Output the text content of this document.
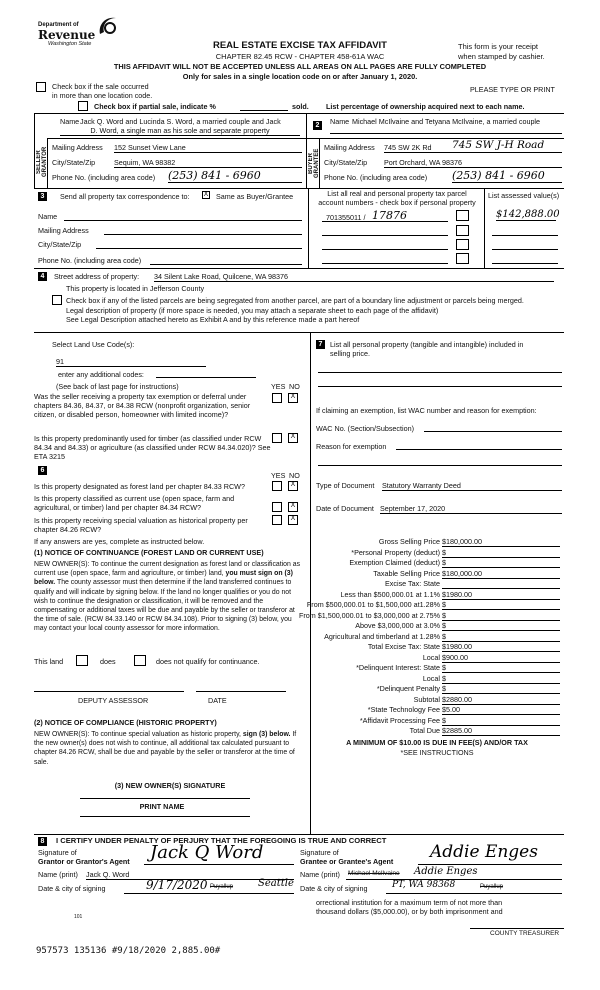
Department of
Revenue
Washington State	REAL ESTATE EXCISE TAX AFFIDAVIT
CHAPTER 82.45 RCW - CHAPTER 458-61A WAC
This form is your receipt
when stamped by cashier.
THIS AFFIDAVIT WILL NOT BE ACCEPTED UNLESS ALL AREAS ON ALL PAGES ARE FULLY COMPLETED
Only for sales in a single location code on or after January 1, 2020.
Check box if the sale occurred
in more than one location code.
PLEASE TYPE OR PRINT
Check box if partial sale, indicate %	sold. List percentage of ownership acquired next to each name.
SELLER GRANTOR
Name Jack Q. Word and Lucinda S. Word, a married couple and Jack
D. Word, a single man as his sole and separate property
Mailing Address 152 Sunset View Lane
City/State/Zip	Sequim, WA 98382
Phone No. (including area code) (253) 841 - 6960
2	Name Michael McIlvaine and Tetyana McIlvaine, a married couple
BUYER GRANTEE
Mailing Address 745 SW 2K Rd 745 SW J-H Road
City/State/Zip Port Orchard, WA 98376
Phone No. (including area code) (253) 841 - 6960
3	Send all property tax correspondence to: X Same as Buyer/Grantee	List all real and personal property tax parcel
account numbers - check box if personal property
List assessed value(s)
Name
Mailing Address
City/State/Zip
Phone No. (including area code)
701355011 / 17876	$142,888.00
4	Street address of property: 34 Silent Lake Road, Quilcene, WA 98376
This property is located in Jefferson County
Check box if any of the listed parcels are being segregated from another parcel, are part of a boundary line adjustment or parcels being merged.
Legal description of property (if more space is needed, you may attach a separate sheet to each page of the affidavit)
See Legal Description attached hereto as Exhibit A and by this reference made a part hereof
Select Land Use Code(s):
91
enter any additional codes:
(See back of last page for instructions)	YES NO
Was the seller receiving a property tax exemption or deferral under chapters 84.36, 84.37, or 84.38 RCW (nonprofit organization, senior citizen, or disabled person, homeowner with limited income)?
X
Is this property predominantly used for timber (as classified under RCW 84.34 and 84.33) or agriculture (as classified under RCW 84.34.020)? See ETA 3215
X
6
YES NO
Is this property designated as forest land per chapter 84.33 RCW?	X
Is this property classified as current use (open space, farm and agricultural, or timber) land per chapter 84.34 RCW?	X
Is this property receiving special valuation as historical property per chapter 84.26 RCW?
X
If any answers are yes, complete as instructed below.
(1) NOTICE OF CONTINUANCE (FOREST LAND OR CURRENT USE)
NEW OWNER(S): To continue the current designation as forest land or classification as current use (open space, farm and agriculture, or timber) land, you must sign on (3) below. The county assessor must then determine if the land transferred continues to qualify and will indicate by signing below. If the land no longer qualifies or you do not wish to continue the designation or classification, it will be removed and the compensating or additional taxes will be due and payable by the seller or transferor at the time of sale. (RCW 84.33.140 or RCW 84.34.108). Prior to signing (3) below, you may contact your local county assessor for more information.
This land	does	does not qualify for continuance.
DEPUTY ASSESSOR	DATE
(2) NOTICE OF COMPLIANCE (HISTORIC PROPERTY)
NEW OWNER(S): To continue special valuation as historic property, sign (3) below. If the new owner(s) does not wish to continue, all additional tax calculated pursuant to chapter 84.26 RCW, shall be due and payable by the seller or transferor at the time of sale.
(3) NEW OWNER(S) SIGNATURE
PRINT NAME
7	List all personal property (tangible and intangible) included in
selling price.
If claiming an exemption, list WAC number and reason for exemption:
WAC No. (Section/Subsection)
Reason for exemption
Type of Document Statutory Warranty Deed
Date of Document September 17, 2020
Gross Selling Price $180,000.00
*Personal Property (deduct) $
Exemption Claimed (deduct) $
Taxable Selling Price $180,000.00
Excise Tax: State
Less than $500,000.01 at 1.1% $1980.00
From $500,000.01 to $1,500,000 at1.28% $
From $1,500,000.01 to $3,000,000 at 2.75% $
Above $3,000,000 at 3.0% $
Agricultural and timberland at 1.28% $
Total Excise Tax: State $1980.00
Local $900.00
*Delinquent Interest: State $
Local $
*Delinquent Penalty $
Subtotal $2880.00
*State Technology Fee $5.00
*Affidavit Processing Fee $
Total Due $2885.00
A MINIMUM OF $10.00 IS DUE IN FEE(S) AND/OR TAX
*SEE INSTRUCTIONS
8	I CERTIFY UNDER PENALTY OF PERJURY THAT THE FOREGOING IS TRUE AND CORRECT
Signature of
Grantor or Grantor's Agent Jack Q Word
Name (print) Jack Q. Word
Date & city of signing	9/17/2020 Puyallup Seattle
Signature of
Grantee or Grantee's Agent Addie Enges
Name (print) Michael McIlvaine Addie Enges
Date & city of signing	PT, WA 98368	Puyallup
orrectional institution for a maximum term of not more than
thousand dollars ($5,000.00), or by both imprisonment and
101
COUNTY TREASURER
957573 135136 #9/18/2020 2,885.00#
